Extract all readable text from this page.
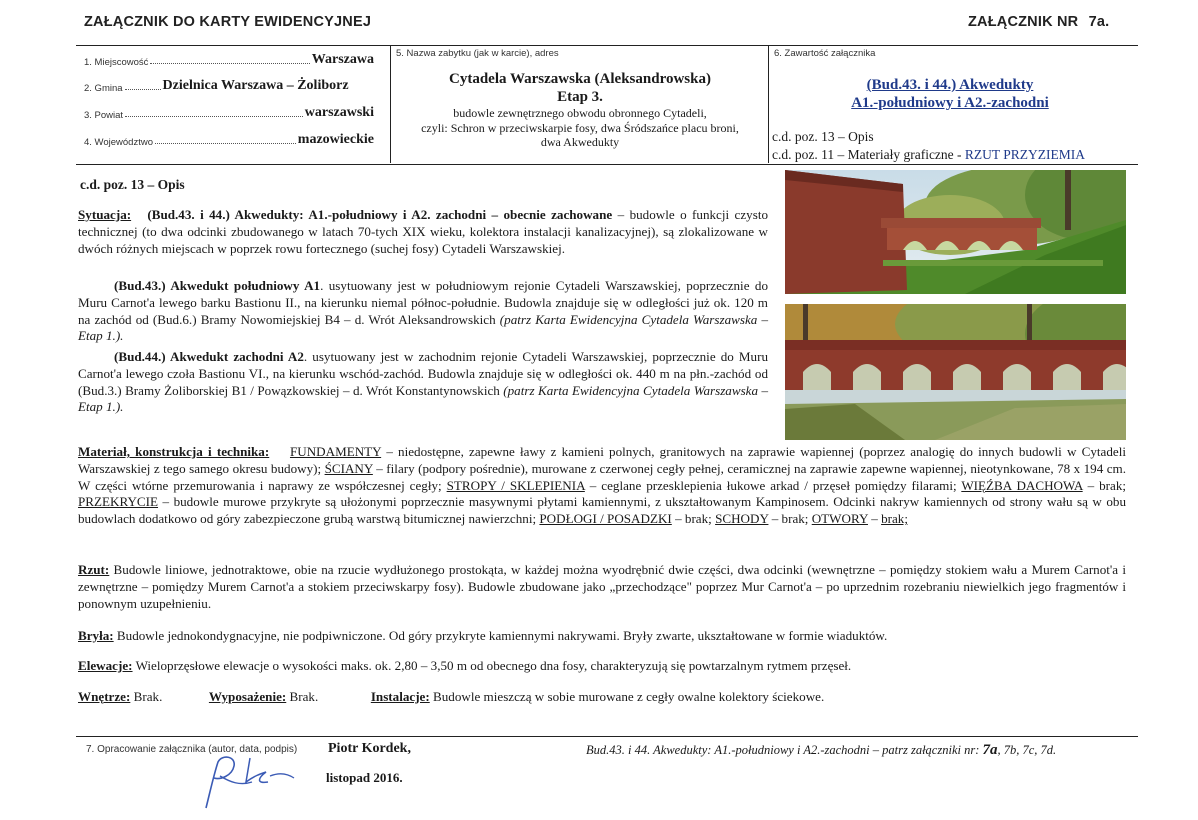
ZAŁĄCZNIK DO KARTY EWIDENCYJNEJ	ZAŁĄCZNIK NR 7a.
1. Miejscowość	Warszawa
2. Gmina	Dzielnica Warszawa – Żoliborz
3. Powiat	warszawski
4. Województwo	mazowieckie
5. Nazwa zabytku (jak w karcie), adres
Cytadela Warszawska (Aleksandrowska)
Etap 3.
budowle zewnętrznego obwodu obronnego Cytadeli,
czyli: Schron w przeciwskarpie fosy, dwa Śródszańce placu broni,
dwa Akwedukty
6. Zawartość załącznika
(Bud.43. i 44.) Akwedukty
A1.-południowy i A2.-zachodni
c.d. poz. 13 – Opis
c.d. poz. 11 – Materiały graficzne - RZUT PRZYZIEMIA
c.d. poz. 13 – Opis
Sytuacja: (Bud.43. i 44.) Akwedukty: A1.-południowy i A2. zachodni – obecnie zachowane – budowle o funkcji czysto technicznej (to dwa odcinki zbudowanego w latach 70-tych XIX wieku, kolektora instalacji kanalizacyjnej), są zlokalizowane w dwóch różnych miejscach w poprzek rowu fortecznego (suchej fosy) Cytadeli Warszawskiej.
(Bud.43.) Akwedukt południowy A1. usytuowany jest w południowym rejonie Cytadeli Warszawskiej, poprzecznie do Muru Carnot'a lewego barku Bastionu II., na kierunku niemal północ-południe. Budowla znajduje się w odległości już ok. 120 m na zachód od (Bud.6.) Bramy Nowomiejskiej B4 – d. Wrót Aleksandrowskich (patrz Karta Ewidencyjna Cytadela Warszawska – Etap 1.).
(Bud.44.) Akwedukt zachodni A2. usytuowany jest w zachodnim rejonie Cytadeli Warszawskiej, poprzecznie do Muru Carnot'a lewego czoła Bastionu VI., na kierunku wschód-zachód. Budowla znajduje się w odległości ok. 440 m na płn.-zachód od (Bud.3.) Bramy Żoliborskiej B1 / Powązkowskiej – d. Wrót Konstantynowskich (patrz Karta Ewidencyjna Cytadela Warszawska – Etap 1.).
Materiał, konstrukcja i technika: FUNDAMENTY – niedostępne, zapewne ławy z kamieni polnych, granitowych na zaprawie wapiennej (poprzez analogię do innych budowli w Cytadeli Warszawskiej z tego samego okresu budowy); ŚCIANY – filary (podpory pośrednie), murowane z czerwonej cegły pełnej, ceramicznej na zaprawie zapewne wapiennej, nieotynkowane, 78 x 194 cm. W części wtórne przemurowania i naprawy ze współczesnej cegły; STROPY / SKLEPIENIA – ceglane przesklepienia łukowe arkad / przęseł pomiędzy filarami; WIĘŹBA DACHOWA – brak; PRZEKRYCIE – budowle murowe przykryte są ułożonymi poprzecznie masywnymi płytami kamiennymi, z ukształtowanym Kampinosem. Odcinki nakryw kamiennych od strony wału są w obu budowlach dodatkowo od góry zabezpieczone grubą warstwą bitumicznej nawierzchni; PODŁOGI / POSADZKI – brak; SCHODY – brak; OTWORY – brak;
Rzut: Budowle liniowe, jednotraktowe, obie na rzucie wydłużonego prostokąta, w każdej można wyodrębnić dwie części, dwa odcinki (wewnętrzne – pomiędzy stokiem wału a Murem Carnot'a i zewnętrzne – pomiędzy Murem Carnot'a a stokiem przeciwskarpy fosy). Budowle zbudowane jako „przechodzące" poprzez Mur Carnot'a – po uprzednim rozebraniu niewielkich jego fragmentów i ponownym uzupełnieniu.
Bryła: Budowle jednokondygnacyjne, nie podpiwniczone. Od góry przykryte kamiennymi nakrywami. Bryły zwarte, ukształtowane w formie wiaduktów.
Elewacje: Wieloprzęsłowe elewacje o wysokości maks. ok. 2,80 – 3,50 m od obecnego dna fosy, charakteryzują się powtarzalnym rytmem przęseł.
Wnętrze: Brak.	Wyposażenie: Brak.	Instalacje: Budowle mieszczą w sobie murowane z cegły owalne kolektory ściekowe.
7. Opracowanie załącznika (autor, data, podpis) Piotr Kordek,
listopad 2016.
Bud.43. i 44. Akwedukty: A1.-południowy i A2.-zachodni – patrz załączniki nr: 7a, 7b, 7c, 7d.
